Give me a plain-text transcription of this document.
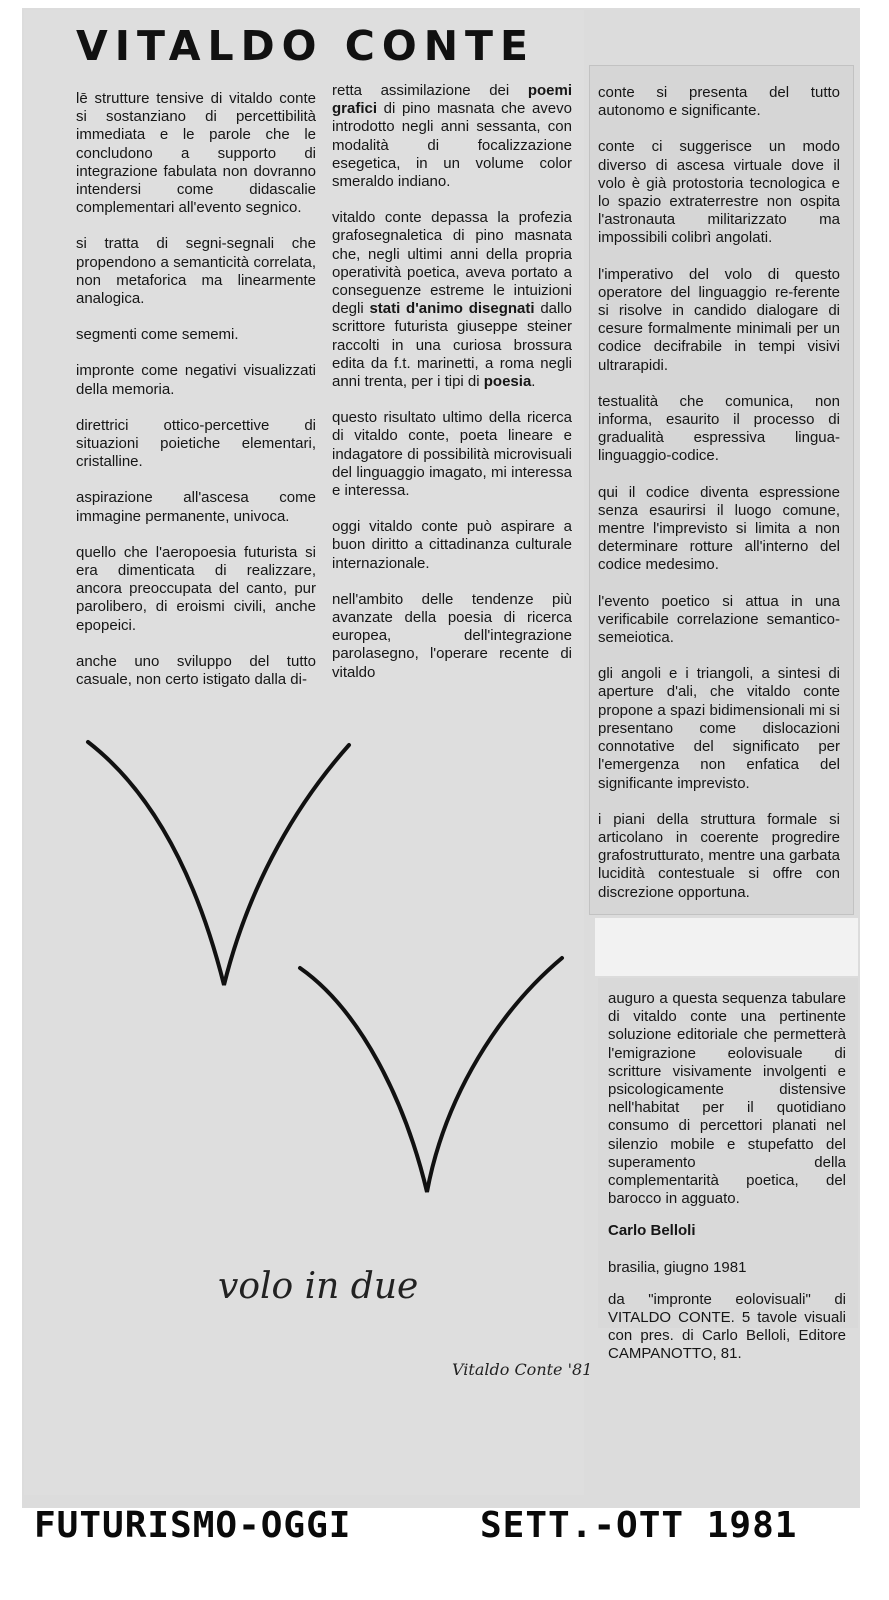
VITALDO CONTE

lē strutture tensive di vitaldo conte si sostanziano di percettibilità immediata e le parole che le concludono a supporto di integrazione fabulata non dovranno intendersi come didascalie complementari all'evento segnico.

si tratta di segni-segnali che propendono a semanticità correlata, non metaforica ma linearmente analogica.

segmenti come sememi.

impronte come negativi visualizzati della memoria.

direttrici ottico-percettive di situazioni poietiche elementari, cristalline.

aspirazione all'ascesa come immagine permanente, univoca.

quello che l'aeropoesia futurista si era dimenticata di realizzare, ancora preoccupata del canto, pur parolibero, di eroismi civili, anche epopeici.

anche uno sviluppo del tutto casuale, non certo istigato dalla di-

retta assimilazione dei poemi grafici di pino masnata che avevo introdotto negli anni sessanta, con modalità di focalizzazione esegetica, in un volume color smeraldo indiano.

vitaldo conte depassa la profezia grafosegnaletica di pino masnata che, negli ultimi anni della propria operatività poetica, aveva portato a conseguenze estreme le intuizioni degli stati d'animo disegnati dallo scrittore futurista giuseppe steiner raccolti in una curiosa brossura edita da f.t. marinetti, a roma negli anni trenta, per i tipi di poesia.

questo risultato ultimo della ricerca di vitaldo conte, poeta lineare e indagatore di possibilità microvisuali del linguaggio imagato, mi interessa e interessa.

oggi vitaldo conte può aspirare a buon diritto a cittadinanza culturale internazionale.

nell'ambito delle tendenze più avanzate della poesia di ricerca europea, dell'integrazione parolasegno, l'operare recente di vitaldo

conte si presenta del tutto autonomo e significante.

conte ci suggerisce un modo diverso di ascesa virtuale dove il volo è già protostoria tecnologica e lo spazio extraterrestre non ospita l'astronauta militarizzato ma impossibili colibrì angolati.

l'imperativo del volo di questo operatore del linguaggio re-ferente si risolve in candido dialogare di cesure formalmente minimali per un codice decifrabile in tempi visivi ultrarapidi.

testualità che comunica, non informa, esaurito il processo di gradualità espressiva lingua-linguaggio-codice.

qui il codice diventa espressione senza esaurirsi il luogo comune, mentre l'imprevisto si limita a non determinare rotture all'interno del codice medesimo.

l'evento poetico si attua in una verificabile correlazione semantico-semeiotica.

gli angoli e i triangoli, a sintesi di aperture d'ali, che vitaldo conte propone a spazi bidimensionali mi si presentano come dislocazioni connotative del significato per l'emergenza non enfatica del significante imprevisto.

i piani della struttura formale si articolano in coerente progredire grafostrutturato, mentre una garbata lucidità contestuale si offre con discrezione opportuna.

auguro a questa sequenza tabulare di vitaldo conte una pertinente soluzione editoriale che permetterà l'emigrazione eolovisuale di scritture visivamente involgenti e psicologicamente distensive nell'habitat per il quotidiano consumo di percettori planati nel silenzio mobile e stupefatto del superamento della complementarità poetica, del barocco in agguato.

Carlo Belloli

brasilia, giugno 1981

da "impronte eolovisuali" di VITALDO CONTE. 5 tavole visuali con pres. di Carlo Belloli, Editore CAMPANOTTO, 81.

volo in due
Vitaldo Conte '81

FUTURISMO-OGGI	SETT.-OTT 1981
